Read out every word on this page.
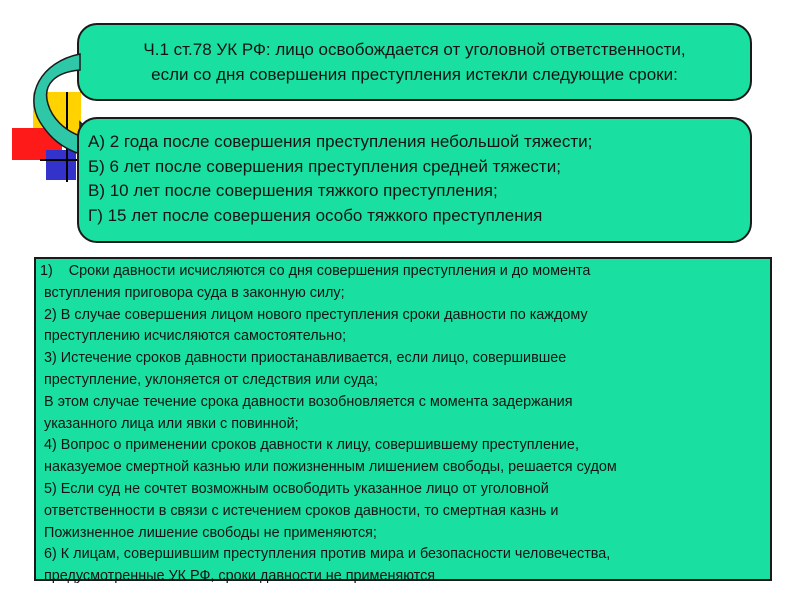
Ч.1 ст.78 УК РФ: лицо освобождается от уголовной ответственности,
если со дня совершения преступления истекли следующие сроки:
А) 2 года после совершения преступления небольшой тяжести;
Б) 6 лет после совершения преступления средней тяжести;
В) 10 лет после совершения тяжкого преступления;
Г) 15 лет после совершения особо тяжкого преступления
1)    Сроки давности исчисляются со дня совершения преступления и до момента
вступления приговора суда в законную силу;
2) В случае совершения лицом нового преступления сроки давности по каждому
преступлению исчисляются самостоятельно;
3) Истечение сроков давности приостанавливается, если лицо, совершившее
преступление, уклоняется от следствия или суда;
В этом случае течение срока давности возобновляется с момента задержания
указанного лица или явки с повинной;
4) Вопрос о применении сроков давности к лицу, совершившему преступление,
наказуемое смертной казнью или пожизненным лишением свободы, решается судом
5) Если суд не сочтет возможным освободить указанное лицо от уголовной
ответственности в связи с истечением сроков давности, то смертная казнь и
Пожизненное лишение свободы не применяются;
6) К лицам, совершившим преступления против мира и безопасности человечества,
предусмотренные УК РФ, сроки давности не применяются
